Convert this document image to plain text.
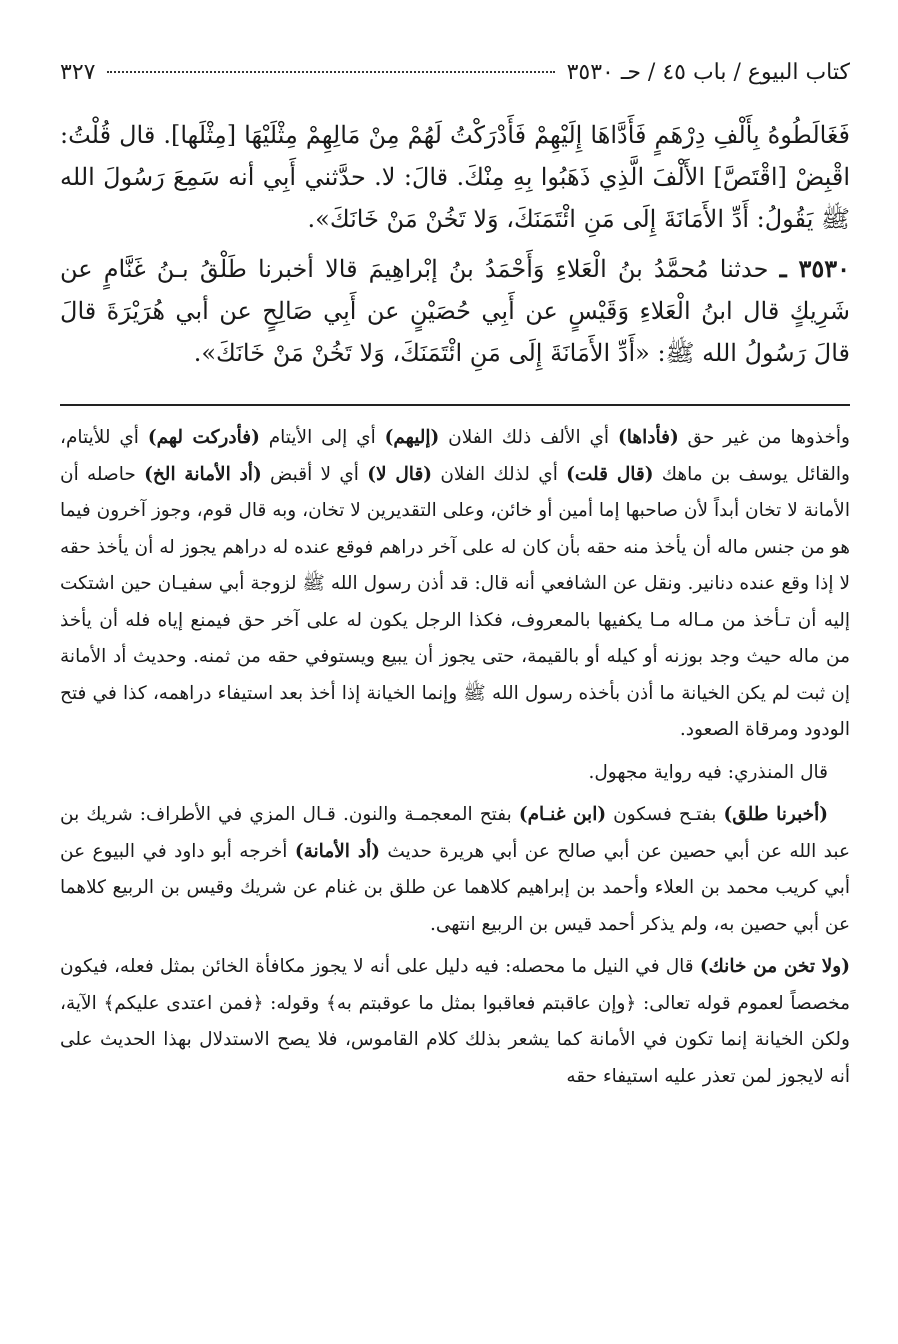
كتاب البيوع / باب ٤٥ / حـ ٣٥٣٠
٣٢٧

فَغَالَطُوهُ بِأَلْفِ دِرْهَمٍ فَأَدَّاهَا إِلَيْهِمْ فَأَدْرَكْتُ لَهُمْ مِنْ مَالِهِمْ مِثْلَيْهَا [مِثْلَها]. قال قُلْتُ: اقْبِضْ [اقْتَصَّ] الأَلْفَ الَّذِي ذَهَبُوا بِهِ مِنْكَ. قالَ: لا. حدَّثني أَبِي أنه سَمِعَ رَسُولَ الله ﷺ يَقُولُ: أَدِّ الأَمَانَةَ إِلَى مَنِ ائْتَمَنَكَ، وَلا تَخُنْ مَنْ خَانَكَ».

٣٥٣٠ ـ حدثنا مُحمَّدُ بنُ الْعَلاءِ وَأَحْمَدُ بنُ إبْراهِيمَ قالا أخبرنا طَلْقُ بـنُ غَنَّامٍ عن شَرِيكٍ قال ابنُ الْعَلاءِ وَقَيْسٍ عن أَبِي حُصَيْنٍ عن أَبِي صَالِحٍ عن أبي هُرَيْرَةَ قالَ قالَ رَسُولُ الله ﷺ: «أَدِّ الأَمَانَةَ إِلَى مَنِ ائْتَمَنَكَ، وَلا تَخُنْ مَنْ خَانَكَ».

وأخذوها من غير حق (فأداها) أي الألف ذلك الفلان (إليهم) أي إلى الأيتام (فأدركت لهم) أي للأيتام، والقائل يوسف بن ماهك (قال قلت) أي لذلك الفلان (قال لا) أي لا أقبض (أد الأمانة الخ) حاصله أن الأمانة لا تخان أبداً لأن صاحبها إما أمين أو خائن، وعلى التقديرين لا تخان، وبه قال قوم، وجوز آخرون فيما هو من جنس ماله أن يأخذ منه حقه بأن كان له على آخر دراهم فوقع عنده له دراهم يجوز له أن يأخذ حقه لا إذا وقع عنده دنانير. ونقل عن الشافعي أنه قال: قد أذن رسول الله ﷺ لزوجة أبي سفيـان حين اشتكت إليه أن تـأخذ من مـاله مـا يكفيها بالمعروف، فكذا الرجل يكون له على آخر حق فيمنع إياه فله أن يأخذ من ماله حيث وجد بوزنه أو كيله أو بالقيمة، حتى يجوز أن يبيع ويستوفي حقه من ثمنه. وحديث أد الأمانة إن ثبت لم يكن الخيانة ما أذن بأخذه رسول الله ﷺ وإنما الخيانة إذا أخذ بعد استيفاء دراهمه، كذا في فتح الودود ومرقاة الصعود.

قال المنذري: فيه رواية مجهول.

(أخبرنا طلق) بفتـح فسكون (ابن غنـام) بفتح المعجمـة والنون. قـال المزي في الأطراف: شريك بن عبد الله عن أبي حصين عن أبي صالح عن أبي هريرة حديث (أد الأمانة) أخرجه أبو داود في البيوع عن أبي كريب محمد بن العلاء وأحمد بن إبراهيم كلاهما عن طلق بن غنام عن شريك وقيس بن الربيع كلاهما عن أبي حصين به، ولم يذكر أحمد قيس بن الربيع انتهى.

(ولا تخن من خانك) قال في النيل ما محصله: فيه دليل على أنه لا يجوز مكافأة الخائن بمثل فعله، فيكون مخصصاً لعموم قوله تعالى: ﴿وإن عاقبتم فعاقبوا بمثل ما عوقبتم به﴾ وقوله: ﴿فمن اعتدى عليكم﴾ الآية، ولكن الخيانة إنما تكون في الأمانة كما يشعر بذلك كلام القاموس، فلا يصح الاستدلال بهذا الحديث على أنه لايجوز لمن تعذر عليه استيفاء حقه
